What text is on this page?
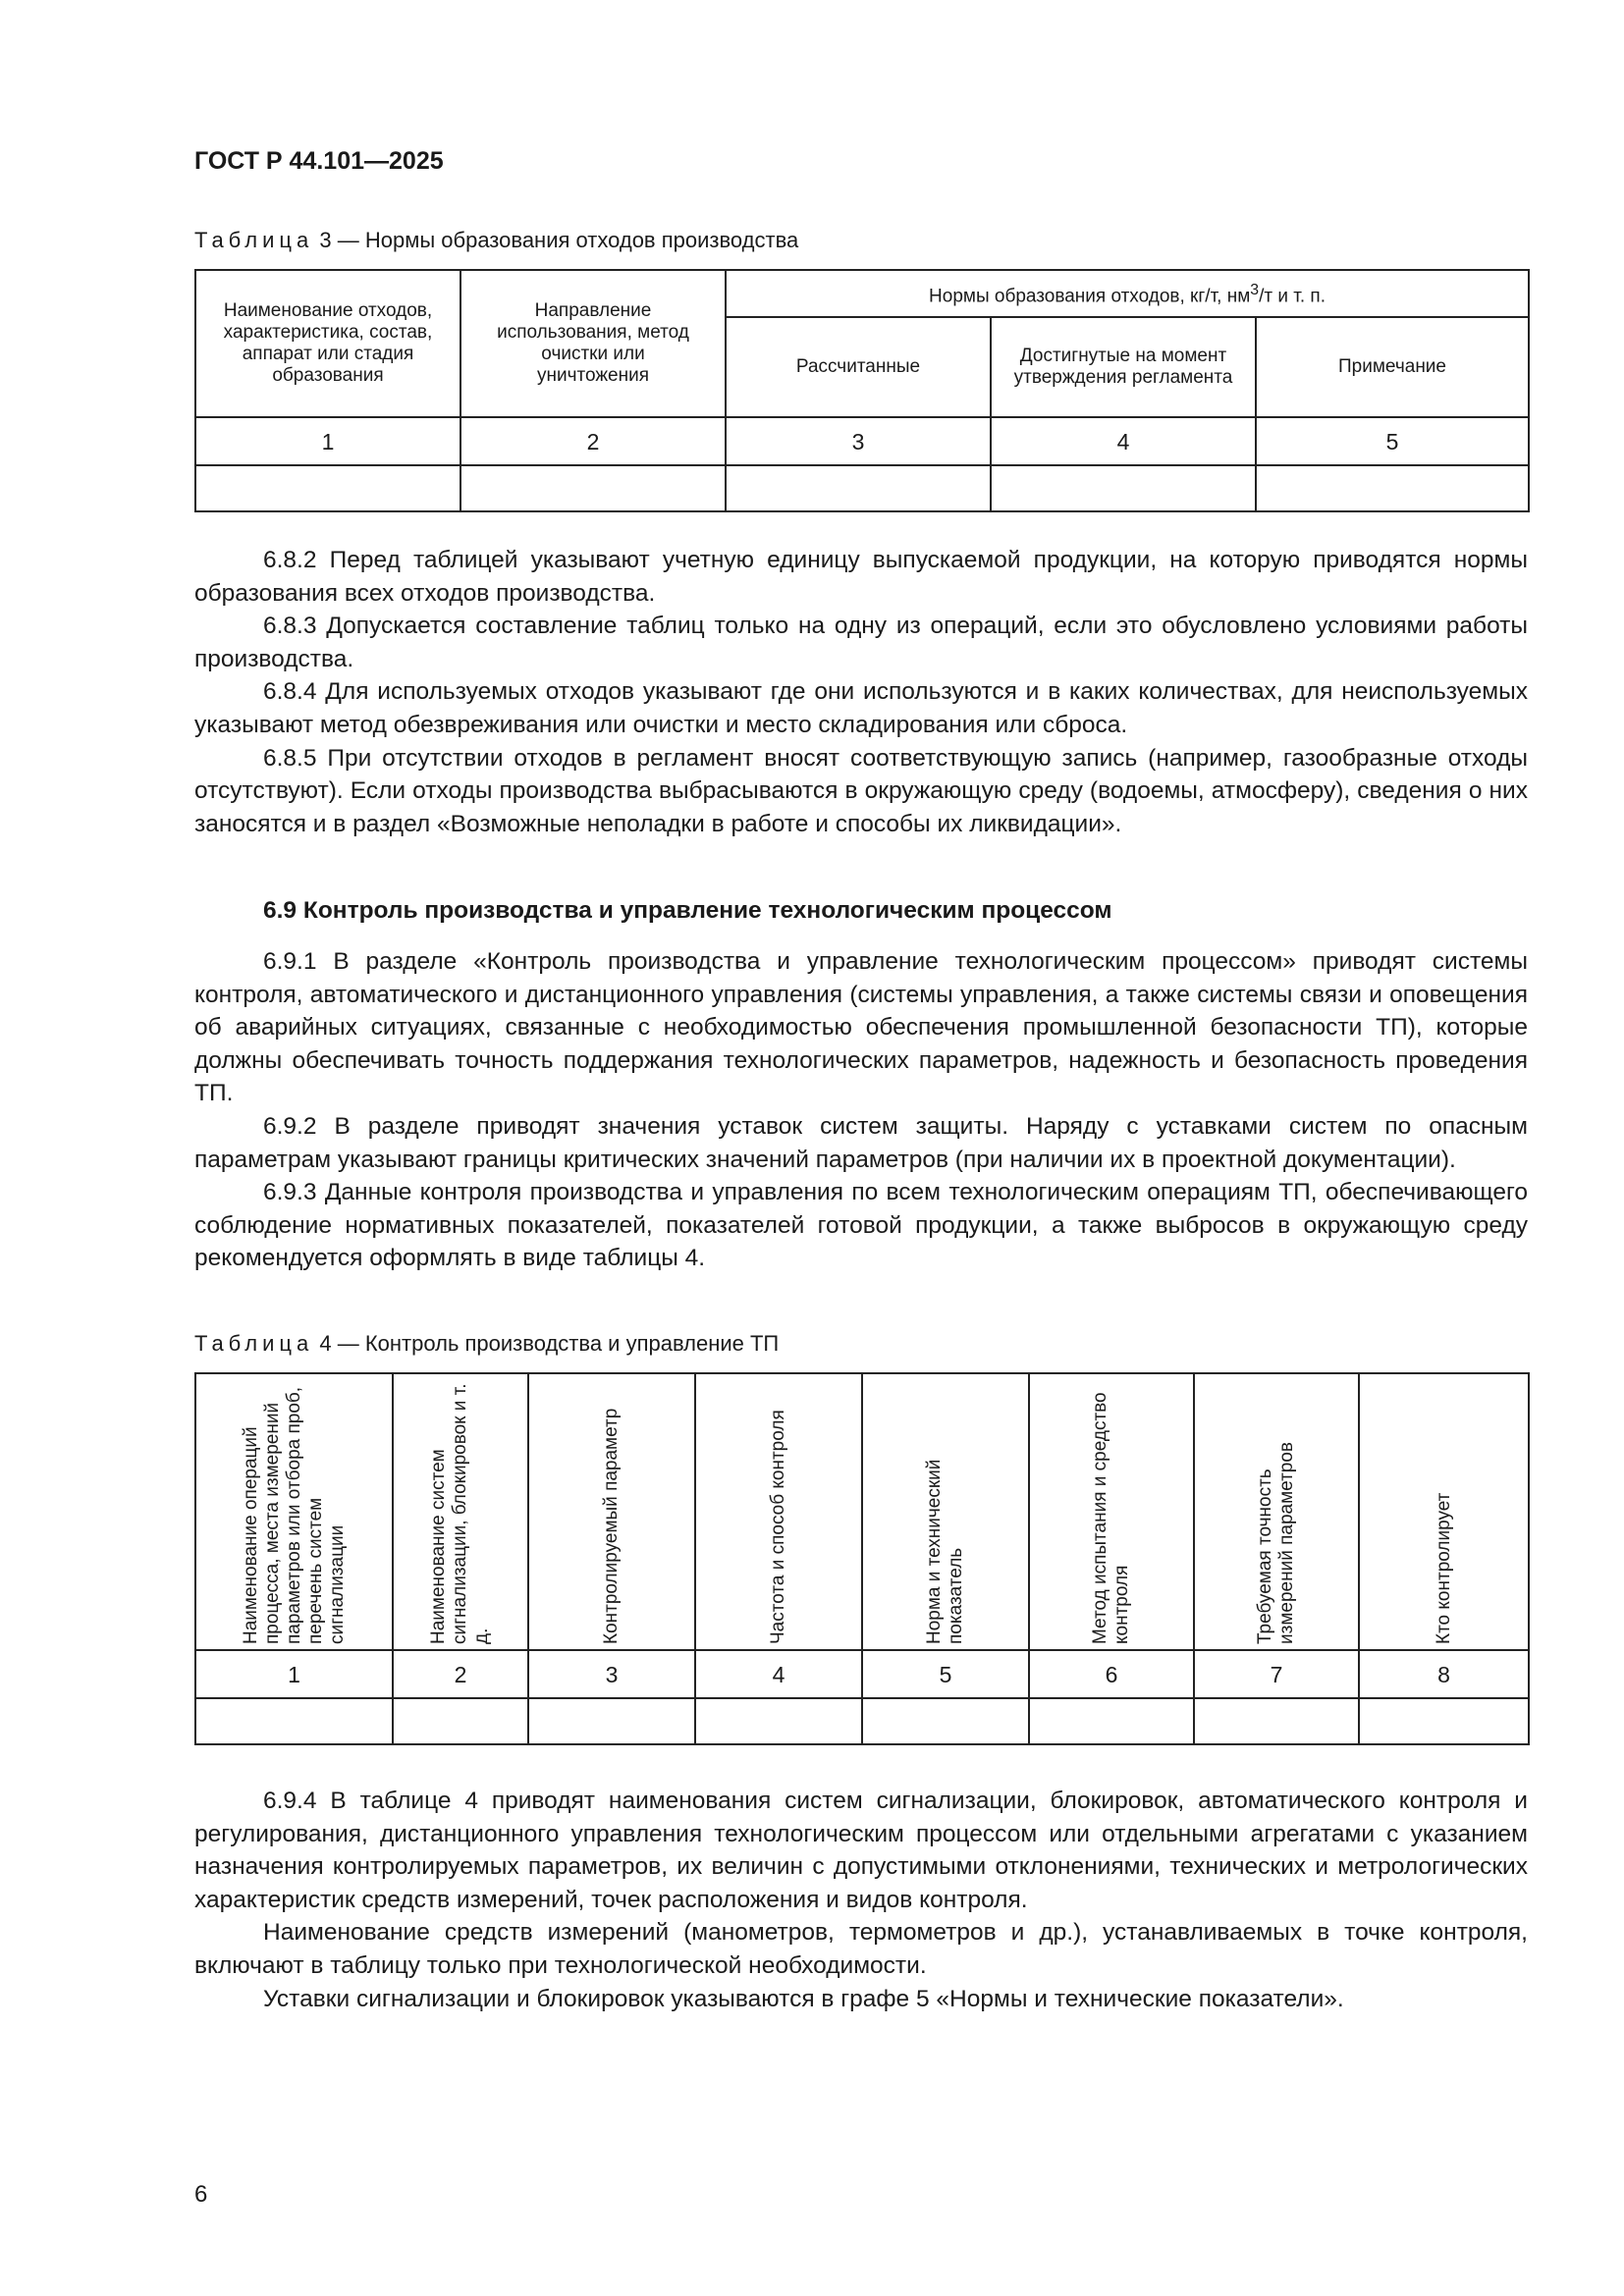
ГОСТ Р 44.101—2025

Таблица 3 — Нормы образования отходов производства

Наименование отходов, характеристика, состав, аппарат или стадия образования	Направление использования, метод очистки или уничтожения	Нормы образования отходов, кг/т, $нм^3/т$ и т. п.		
		Рассчитанные	Достигнутые на момент утверждения регламента	Примечание
1	2	3	4	5

6.8.2 Перед таблицей указывают учетную единицу выпускаемой продукции, на которую приводятся нормы образования всех отходов производства.

6.8.3 Допускается составление таблиц только на одну из операций, если это обусловлено условиями работы производства.

6.8.4 Для используемых отходов указывают где они используются и в каких количествах, для неиспользуемых указывают метод обезвреживания или очистки и место складирования или сброса.

6.8.5 При отсутствии отходов в регламент вносят соответствующую запись (например, газообразные отходы отсутствуют). Если отходы производства выбрасываются в окружающую среду (водоемы, атмосферу), сведения о них заносятся и в раздел «Возможные неполадки в работе и способы их ликвидации».

6.9 Контроль производства и управление технологическим процессом

6.9.1 В разделе «Контроль производства и управление технологическим процессом» приводят системы контроля, автоматического и дистанционного управления (системы управления, а также системы связи и оповещения об аварийных ситуациях, связанные с необходимостью обеспечения промышленной безопасности ТП), которые должны обеспечивать точность поддержания технологических параметров, надежность и безопасность проведения ТП.

6.9.2 В разделе приводят значения уставок систем защиты. Наряду с уставками систем по опасным параметрам указывают границы критических значений параметров (при наличии их в проектной документации).

6.9.3 Данные контроля производства и управления по всем технологическим операциям ТП, обеспечивающего соблюдение нормативных показателей, показателей готовой продукции, а также выбросов в окружающую среду рекомендуется оформлять в виде таблицы 4.

Таблица 4 — Контроль производства и управление ТП

Наименование операций процесса, места измерений параметров или отбора проб, перечень систем сигнализации	Наименование систем сигнализации, блокировок и т. д.	Контролируемый параметр	Частота и способ контроля	Норма и технический показатель	Метод испытания и средство контроля	Требуемая точность измерений параметров	Кто контролирует

1	2	3	4	5	6	7	8

6.9.4 В таблице 4 приводят наименования систем сигнализации, блокировок, автоматического контроля и регулирования, дистанционного управления технологическим процессом или отдельными агрегатами с указанием назначения контролируемых параметров, их величин с допустимыми отклонениями, технических и метрологических характеристик средств измерений, точек расположения и видов контроля.

Наименование средств измерений (манометров, термометров и др.), устанавливаемых в точке контроля, включают в таблицу только при технологической необходимости.

Уставки сигнализации и блокировок указываются в графе 5 «Нормы и технические показатели».

6
